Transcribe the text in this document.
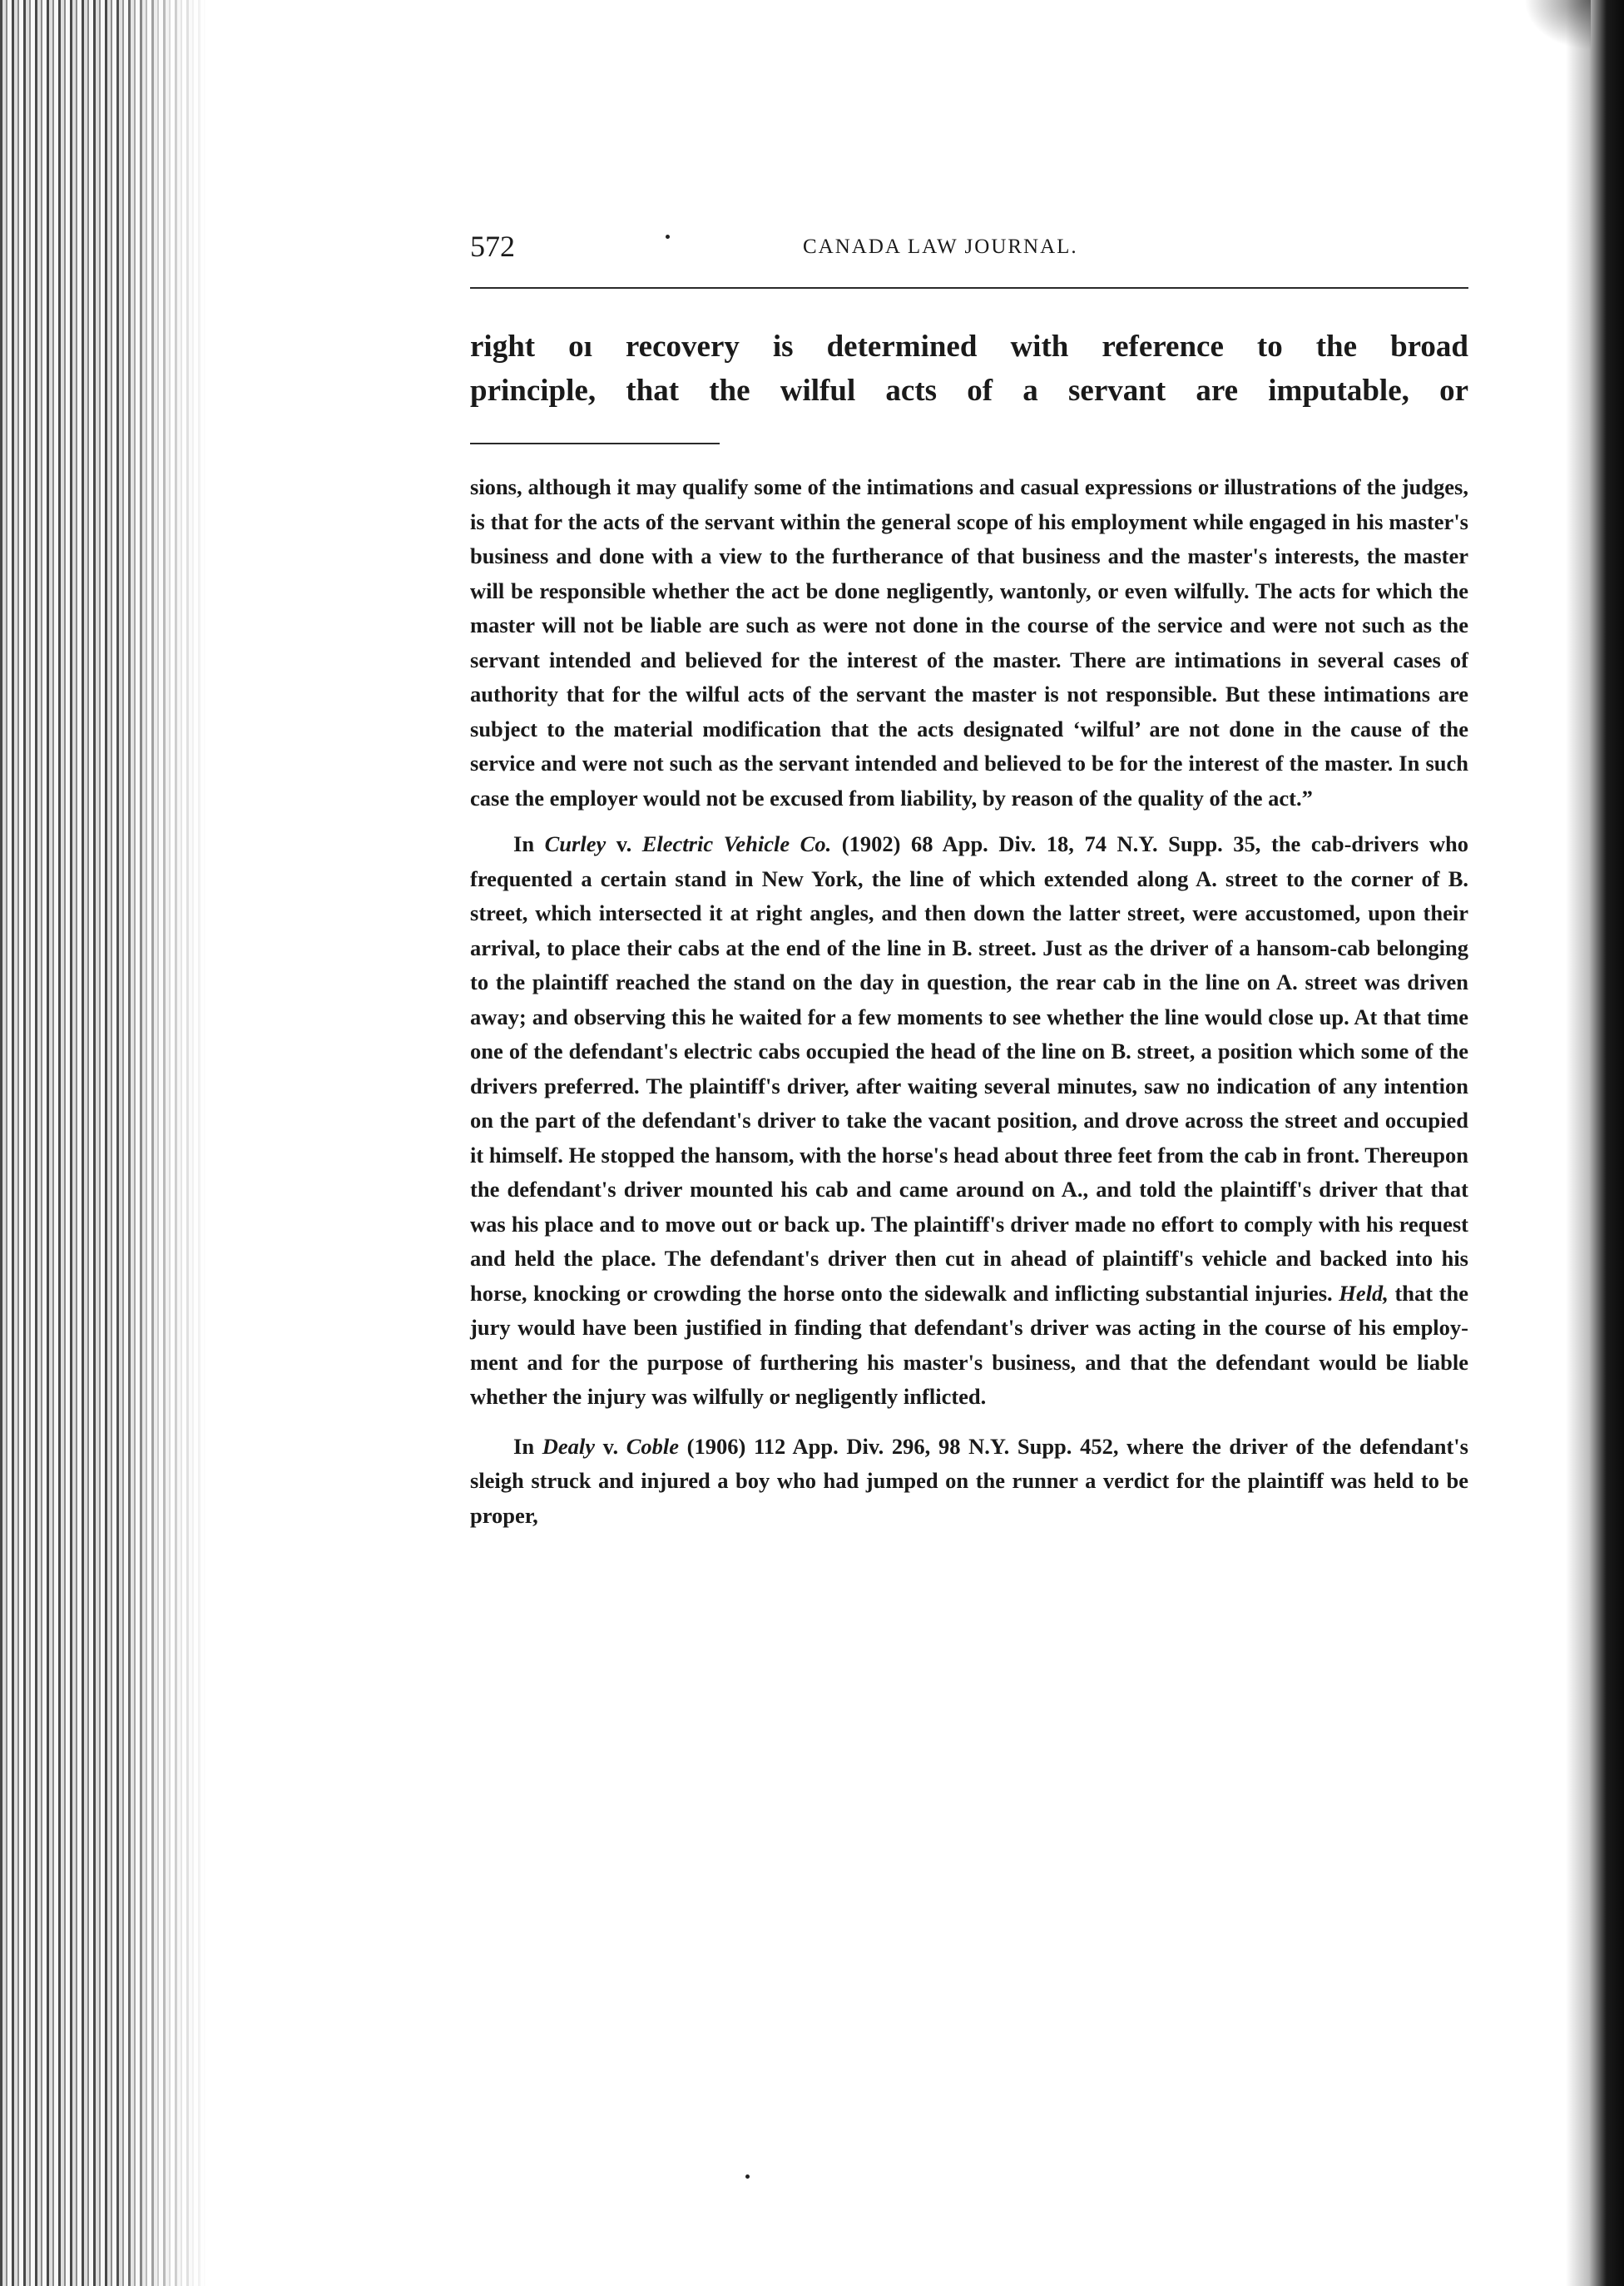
572	CANADA LAW JOURNAL.
right oı recovery is determined with reference to the broad
principle, that the wilful acts of a servant are imputable, or

sions, although it may qualify some of the intimations and casual expressions or illustrations of the judges, is that for the acts of the servant within the general scope of his employment while engaged in his master's business and done with a view to the furtherance of that business and the master's interests, the master will be responsible whether the act be done negligently, wantonly, or even wilfully. The acts for which the master will not be liable are such as were not done in the course of the service and were not such as the servant intended and believed for the interest of the master. There are intimations in several cases of authority that for the wilful acts of the servant the master is not responsible. But these intimations are subject to the material modification that the acts designated ‘wilful’ are not done in the cause of the service and were not such as the servant intended and believed to be for the interest of the master. In such case the employer would not be excused from liability, by reason of the quality of the act.”

In Curley v. Electric Vehicle Co. (1902) 68 App. Div. 18, 74 N.Y. Supp. 35, the cab-drivers who frequented a certain stand in New York, the line of which extended along A. street to the corner of B. street, which intersected it at right angles, and then down the latter street, were accustomed, upon their arrival, to place their cabs at the end of the line in B. street. Just as the driver of a hansom-cab belonging to the plaintiff reached the stand on the day in question, the rear cab in the line on A. street was driven away; and observing this he waited for a few moments to see whether the line would close up. At that time one of the defendant's electric cabs occupied the head of the line on B. street, a position which some of the drivers preferred. The plaintiff's driver, after waiting several minutes, saw no indication of any intention on the part of the defendant's driver to take the vacant position, and drove across the street and occupied it himself. He stopped the hansom, with the horse's head about three feet from the cab in front. Thereupon the defendant's driver mounted his cab and came around on A., and told the plaintiff's driver that that was his place and to move out or back up. The plaintiff's driver made no effort to comply with his request and held the place. The defendant's driver then cut in ahead of plaintiff's vehicle and backed into his horse, knocking or crowding the horse onto the sidewalk and inflicting substantial injuries. Held, that the jury would have been justified in finding that defendant's driver was acting in the course of his employment and for the purpose of furthering his master's business, and that the defendant would be liable whether the injury was wilfully or negligently inflicted.

In Dealy v. Coble (1906) 112 App. Div. 296, 98 N.Y. Supp. 452, where the driver of the defendant's sleigh struck and injured a boy who had jumped on the runner a verdict for the plaintiff was held to be proper,
